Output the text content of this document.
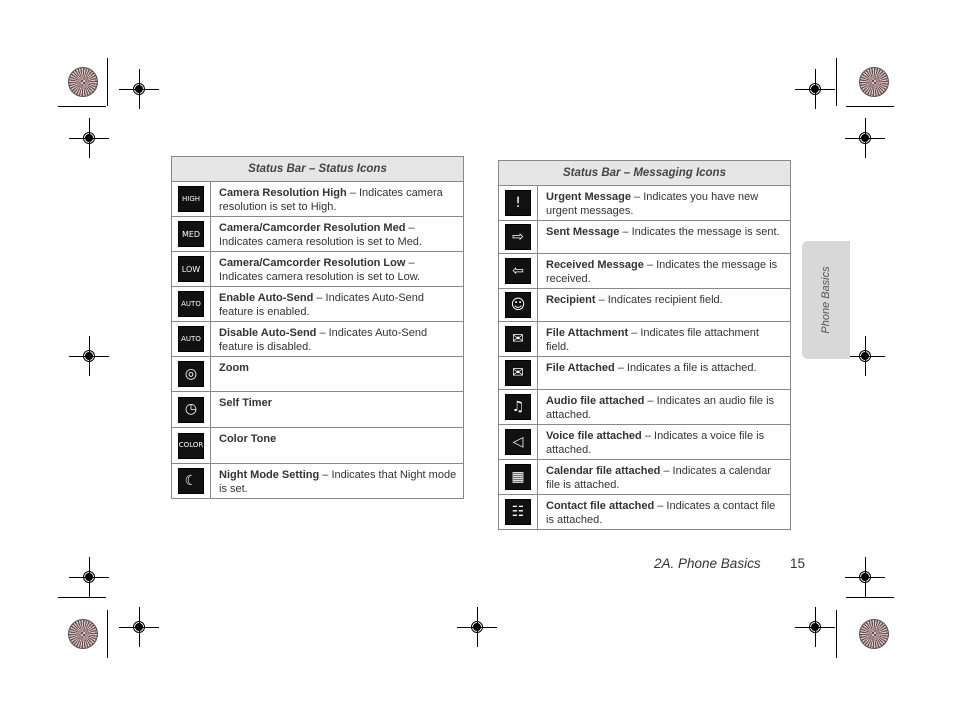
Status Bar – Status Icons	

HIGH	Camera Resolution High – Indicates camera resolution is set to High.

MED	Camera/Camcorder Resolution Med – Indicates camera resolution is set to Med.

LOW	Camera/Camcorder Resolution Low – Indicates camera resolution is set to Low.

AUTO	Enable Auto-Send – Indicates Auto-Send feature is enabled.

AUTO	Disable Auto-Send – Indicates Auto-Send feature is disabled.

◎	Zoom

◷	Self Timer

COLOR	Color Tone

☾	Night Mode Setting – Indicates that Night mode is set.
Status Bar – Messaging Icons	

!	Urgent Message – Indicates you have new urgent messages.

⇨	Sent Message – Indicates the message is sent.

⇦	Received Message – Indicates the message is received.

☺	Recipient – Indicates recipient field.

✉	File Attachment – Indicates file attachment field.

✉	File Attached – Indicates a file is attached.

♫	Audio file attached – Indicates an audio file is attached.

◁	Voice file attached – Indicates a voice file is attached.

▦	Calendar file attached – Indicates a calendar file is attached.

☷	Contact file attached – Indicates a contact file is attached.
Phone Basics
2A. Phone Basics 15
